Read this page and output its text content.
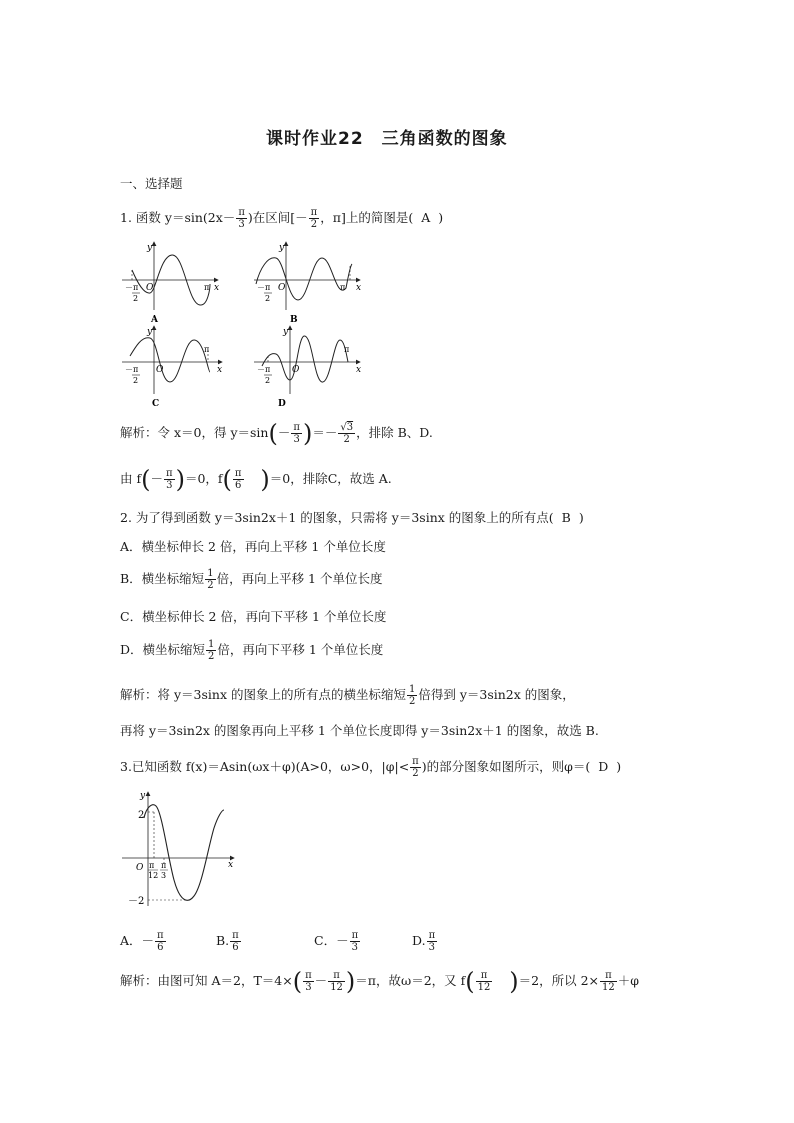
课时作业22　三角函数的图象
一、选择题
1. 函数 $y=\sin(2x- \frac{\pi}{3}$ )在区间[－ $\frac{\pi}{2}$ ，π]上的简图是( A )
y
x
O	π
－π
2
A
y
x
O	π
－π
2
B
y
x
O
π
－π
2
C
y
x
O
π
－π
2
D
解析：令 x＝0，得 $y=\sin(- \frac{\pi}{3}$ )＝－ $\frac{√3}{2}$ ，排除 B、D.
由 $f(- \frac{\pi}{3} )=0$，$f( \frac{\pi}{6} )=0$，排除C，故选 A.
2. 为了得到函数 y＝3sin2x＋1 的图象，只需将 y＝3sinx 的图象上的所有点( B )
A．横坐标伸长 2 倍，再向上平移 1 个单位长度
B．横坐标缩短 $\frac{1}{2}$ 倍，再向上平移 1 个单位长度
C．横坐标伸长 2 倍，再向下平移 1 个单位长度
D．横坐标缩短 $\frac{1}{2}$ 倍，再向下平移 1 个单位长度
解析：将 y＝3sinx 的图象上的所有点的横坐标缩短 $\frac{1}{2}$ 倍得到 y＝3sin2x 的图象，
再将 y＝3sin2x 的图象再向上平移 1 个单位长度即得 y＝3sin2x＋1 的图象，故选 B.
3.已知函数 f(x)＝Asin(ωx＋φ)(A>0，ω>0，$|\varphi|< \frac{\pi}{2}$ )的部分图象如图所示，则φ＝( D )
y
x
O
2
－2
π
12
π
3
A．－ $\frac{\pi}{6}$	B. $\frac{\pi}{6}$	C．－ $\frac{\pi}{3}$	D. $\frac{\pi}{3}$
解析：由图可知 A＝2，$T=4\times( \frac{\pi}{3} - \frac{\pi}{12} )=\pi$，故ω＝2，又 $f( \frac{\pi}{12} )=2$，所以 $2\times \frac{\pi}{12} +\varphi$
